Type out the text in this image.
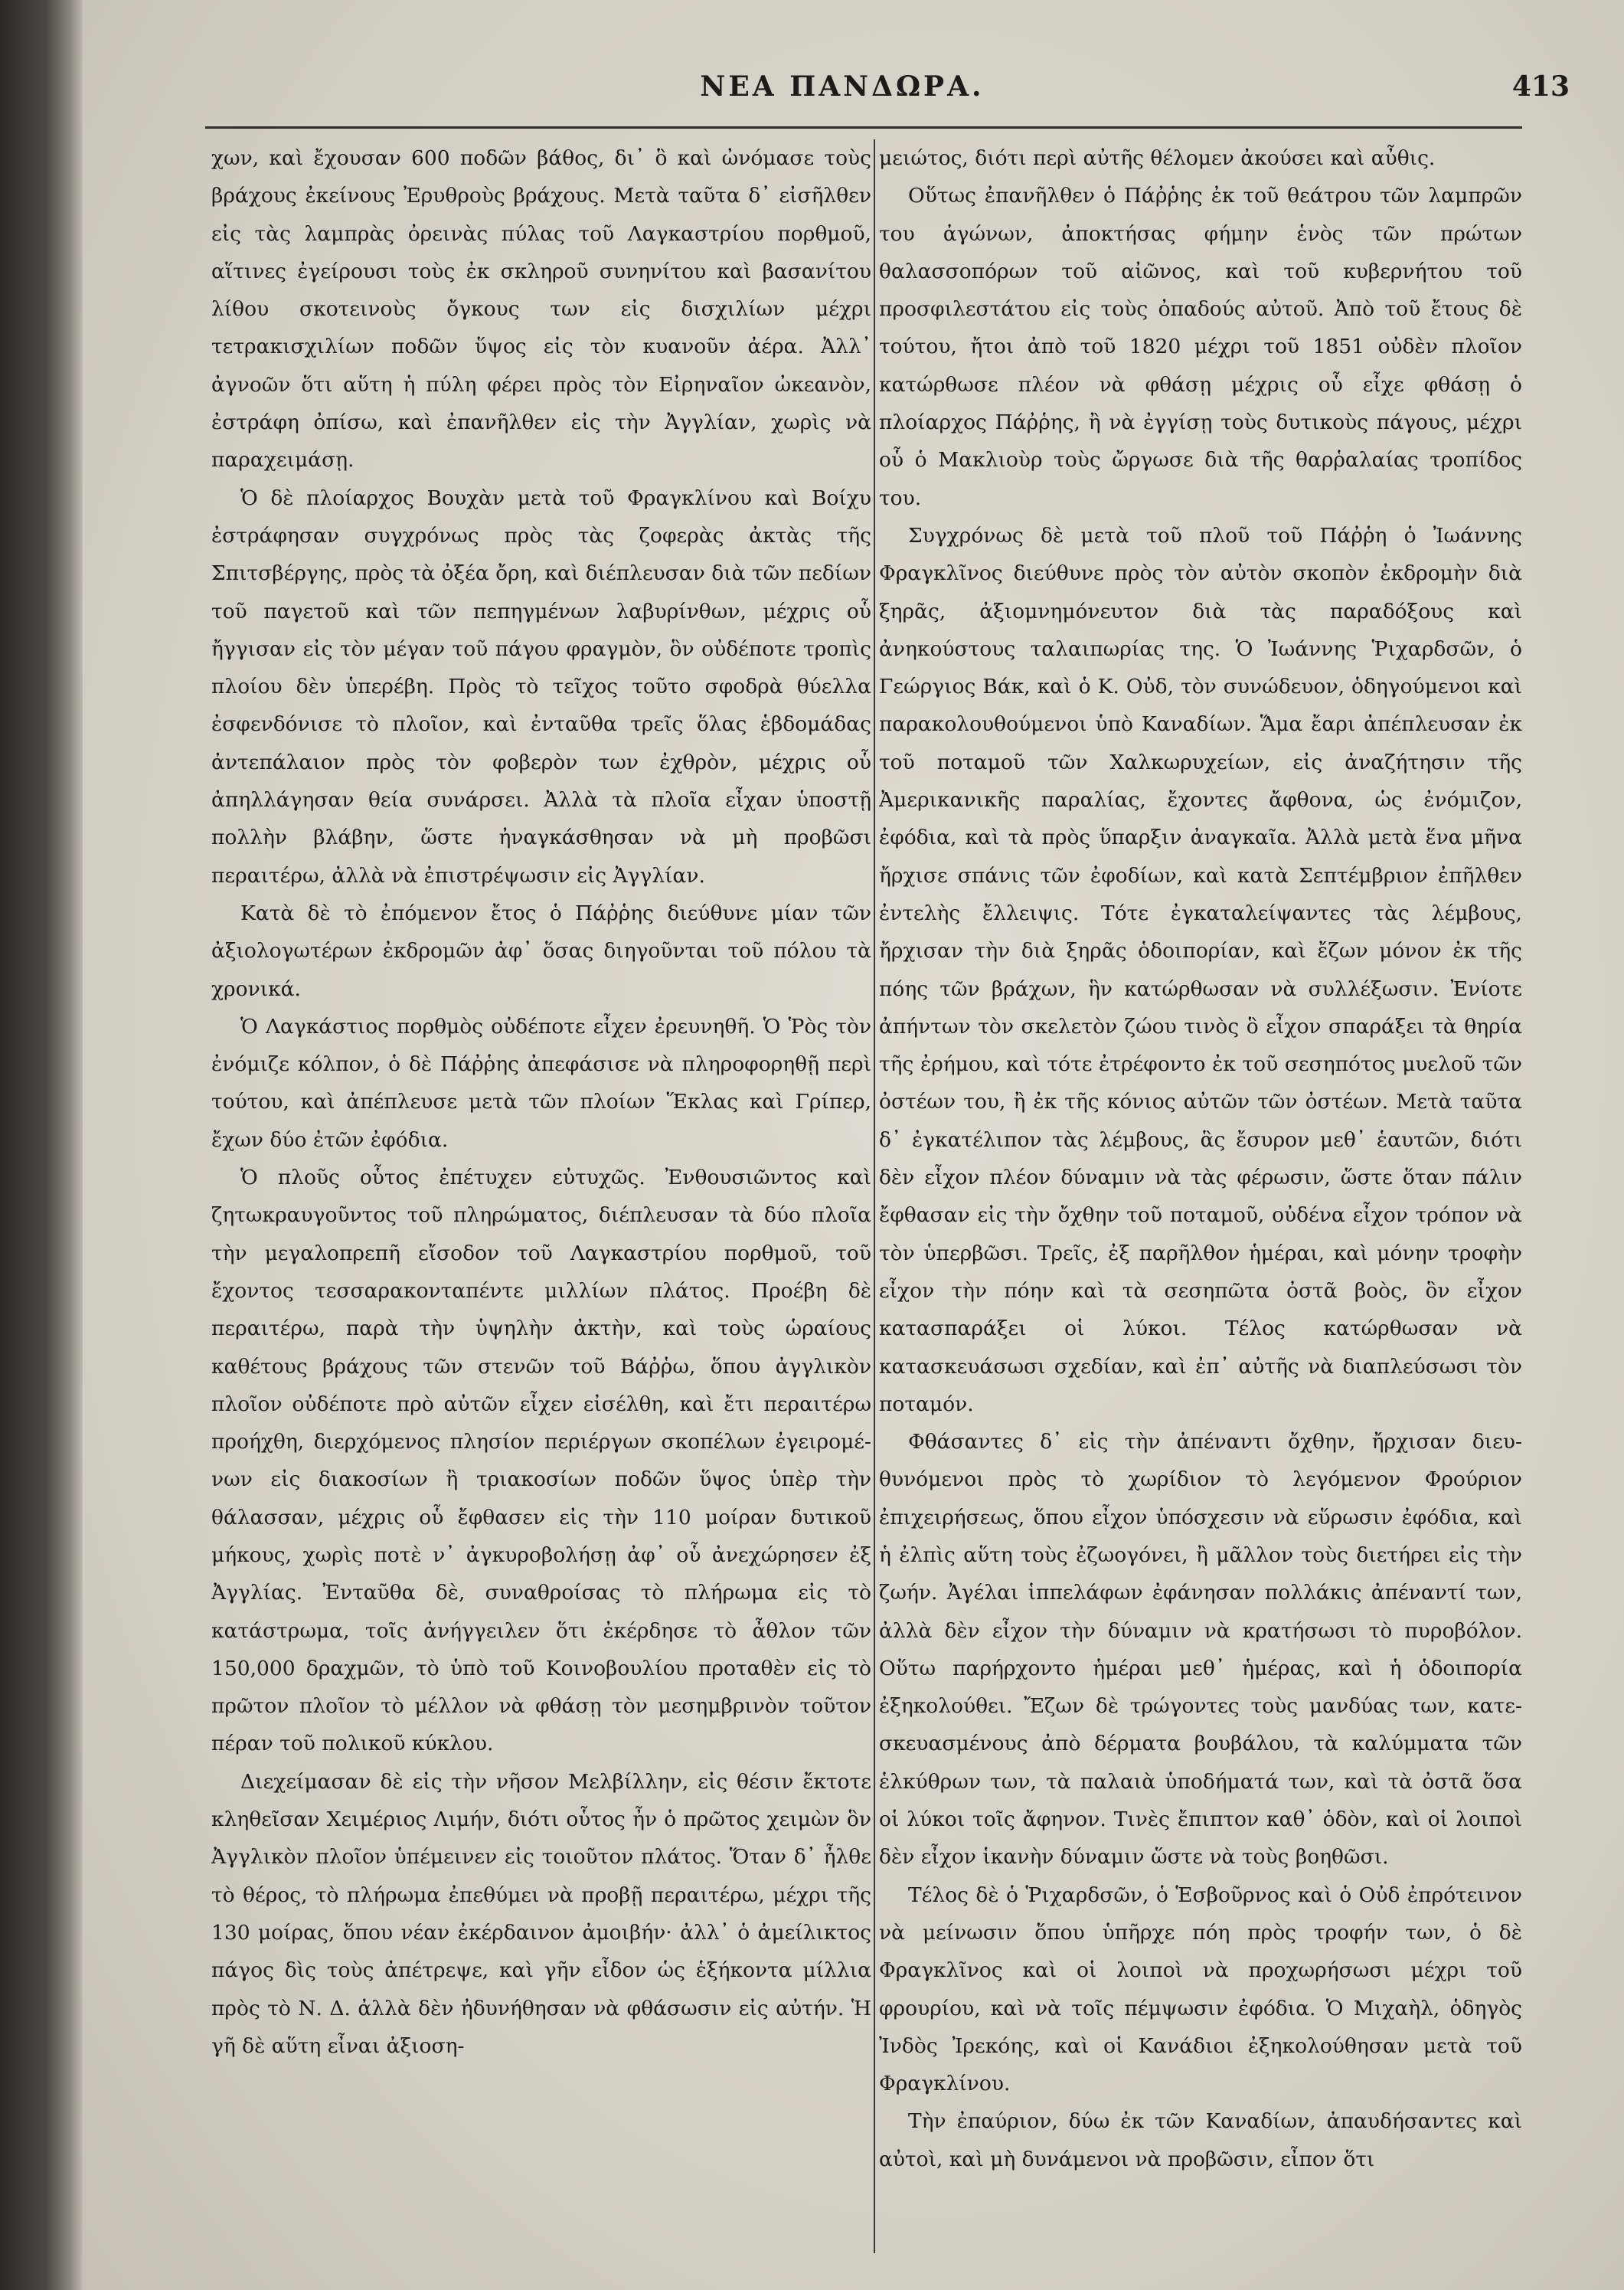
ΝΕΑ ΠΑΝΔΩΡΑ.	413

χων, καὶ ἔχουσαν 600 ποδῶν βάθος, δι᾽ ὃ καὶ ὠνόμασε τοὺς βράχους ἐκείνους Ἐρυθροὺς βράχους. Μετὰ ταῦτα δ᾽ εἰσῆλθεν εἰς τὰς λαμπρὰς ὀρεινὰς πύλας τοῦ Λαγκαστρίου πορθμοῦ, αἵτινες ἐγείρουσι τοὺς ἐκ σκληροῦ συνηνίτου καὶ βασανίτου λίθου σκοτεινοὺς ὄγκους των εἰς δισχιλίων μέχρι τετρακισχιλίων ποδῶν ὕψος εἰς τὸν κυανοῦν ἀέρα. Ἀλλ᾽ ἀγνοῶν ὅτι αὕτη ἡ πύλη φέρει πρὸς τὸν Εἰρηναῖον ὠκεανὸν, ἐστράφη ὀπίσω, καὶ ἐπανῆλθεν εἰς τὴν Ἀγγλίαν, χωρὶς νὰ παραχειμάσῃ.

Ὁ δὲ πλοίαρχος Βουχὰν μετὰ τοῦ Φραγκλίνου καὶ Βοίχυ ἐστράφησαν συγχρόνως πρὸς τὰς ζοφερὰς ἀκτὰς τῆς Σπιτσβέργης, πρὸς τὰ ὀξέα ὄρη, καὶ διέπλευσαν διὰ τῶν πεδίων τοῦ παγετοῦ καὶ τῶν πεπηγμένων λαβυρίνθων, μέχρις οὗ ἤγγισαν εἰς τὸν μέγαν τοῦ πάγου φραγμὸν, ὃν οὐδέποτε τροπὶς πλοίου δὲν ὑπερέβη. Πρὸς τὸ τεῖχος τοῦτο σφοδρὰ θύελλα ἐσφενδόνισε τὸ πλοῖον, καὶ ἐνταῦθα τρεῖς ὅλας ἑβδομάδας ἀντεπάλαιον πρὸς τὸν φοβερὸν των ἐχθρὸν, μέχρις οὗ ἀπηλλάγησαν θεία συνάρσει. Ἀλλὰ τὰ πλοῖα εἶχαν ὑποστῇ πολλὴν βλάβην, ὥστε ἠναγκάσθησαν νὰ μὴ προβῶσι περαιτέρω, ἀλλὰ νὰ ἐπιστρέψωσιν εἰς Ἀγγλίαν.

Κατὰ δὲ τὸ ἐπόμενον ἔτος ὁ Πάῤῥης διεύθυνε μίαν τῶν ἀξιολογωτέρων ἐκδρομῶν ἀφ᾽ ὅσας διηγοῦνται τοῦ πόλου τὰ χρονικά.

Ὁ Λαγκάστιος πορθμὸς οὐδέποτε εἶχεν ἐρευνηθῆ. Ὁ Ῥὸς τὸν ἐνόμιζε κόλπον, ὁ δὲ Πάῤῥης ἀπεφάσισε νὰ πληροφορηθῇ περὶ τούτου, καὶ ἀπέπλευσε μετὰ τῶν πλοίων Ἕκλας καὶ Γρίπερ, ἔχων δύο ἐτῶν ἐφόδια.

Ὁ πλοῦς οὗτος ἐπέτυχεν εὐτυχῶς. Ἐνθουσιῶντος καὶ ζητωκραυγοῦντος τοῦ πληρώματος, διέπλευσαν τὰ δύο πλοῖα τὴν μεγαλοπρεπῆ εἴσοδον τοῦ Λαγκαστρίου πορθμοῦ, τοῦ ἔχοντος τεσσαρακονταπέντε μιλλίων πλάτος. Προέβη δὲ περαιτέρω, παρὰ τὴν ὑψηλὴν ἀκτὴν, καὶ τοὺς ὡραίους καθέτους βράχους τῶν στενῶν τοῦ Βάῤῥω, ὅπου ἀγγλικὸν πλοῖον οὐδέποτε πρὸ αὐτῶν εἶχεν εἰσέλθη, καὶ ἔτι περαιτέρω προήχθη, διερχόμενος πλησίον περιέργων σκοπέλων ἐγειρομένων εἰς διακοσίων ἢ τριακοσίων ποδῶν ὕψος ὑπὲρ τὴν θάλασσαν, μέχρις οὗ ἔφθασεν εἰς τὴν 110 μοίραν δυτικοῦ μήκους, χωρὶς ποτὲ ν᾽ ἀγκυροβολήσῃ ἀφ᾽ οὗ ἀνεχώρησεν ἐξ Ἀγγλίας. Ἐνταῦθα δὲ, συναθροίσας τὸ πλήρωμα εἰς τὸ κατάστρωμα, τοῖς ἀνήγγειλεν ὅτι ἐκέρδησε τὸ ἆθλον τῶν 150,000 δραχμῶν, τὸ ὑπὸ τοῦ Κοινοβουλίου προταθὲν εἰς τὸ πρῶτον πλοῖον τὸ μέλλον νὰ φθάσῃ τὸν μεσημβρινὸν τοῦτον πέραν τοῦ πολικοῦ κύκλου.

Διεχείμασαν δὲ εἰς τὴν νῆσον Μελβίλλην, εἰς θέσιν ἔκτοτε κληθεῖσαν Χειμέριος Λιμήν, διότι οὗτος ἦν ὁ πρῶτος χειμὼν ὃν Ἀγγλικὸν πλοῖον ὑπέμεινεν εἰς τοιοῦτον πλάτος. Ὅταν δ᾽ ἦλθε τὸ θέρος, τὸ πλήρωμα ἐπεθύμει νὰ προβῇ περαιτέρω, μέχρι τῆς 130 μοίρας, ὅπου νέαν ἐκέρδαινον ἀμοιβήν· ἀλλ᾽ ὁ ἀμείλικτος πάγος δὶς τοὺς ἀπέτρεψε, καὶ γῆν εἶδον ὡς ἑξήκοντα μίλλια πρὸς τὸ Ν. Δ. ἀλλὰ δὲν ἠδυνήθησαν νὰ φθάσωσιν εἰς αὐτήν. Ἡ γῆ δὲ αὕτη εἶναι ἀξιοση-

μειώτος, διότι περὶ αὐτῆς θέλομεν ἀκούσει καὶ αὖθις.

Οὕτως ἐπανῆλθεν ὁ Πάῤῥης ἐκ τοῦ θεάτρου τῶν λαμπρῶν του ἀγώνων, ἀποκτήσας φήμην ἑνὸς τῶν πρώτων θαλασσοπόρων τοῦ αἰῶνος, καὶ τοῦ κυβερνήτου τοῦ προσφιλεστάτου εἰς τοὺς ὀπαδούς αὐτοῦ. Ἀπὸ τοῦ ἔτους δὲ τούτου, ἤτοι ἀπὸ τοῦ 1820 μέχρι τοῦ 1851 οὐδὲν πλοῖον κατώρθωσε πλέον νὰ φθάσῃ μέχρις οὗ εἶχε φθάσῃ ὁ πλοίαρχος Πάῤῥης, ἢ νὰ ἐγγίσῃ τοὺς δυτικοὺς πάγους, μέχρι οὗ ὁ Μακλιοὺρ τοὺς ὤργωσε διὰ τῆς θαρῥαλαίας τροπίδος του.

Συγχρόνως δὲ μετὰ τοῦ πλοῦ τοῦ Πάῤῥη ὁ Ἰωάννης Φραγκλῖνος διεύθυνε πρὸς τὸν αὐτὸν σκοπὸν ἐκδρομὴν διὰ ξηρᾶς, ἀξιομνημόνευτον διὰ τὰς παραδόξους καὶ ἀνηκούστους ταλαιπωρίας της. Ὁ Ἰωάννης Ῥιχαρδσῶν, ὁ Γεώργιος Βάκ, καὶ ὁ Κ. Οὐδ, τὸν συνώδευον, ὁδηγούμενοι καὶ παρακολουθούμενοι ὑπὸ Καναδίων. Ἅμα ἔαρι ἀπέπλευσαν ἐκ τοῦ ποταμοῦ τῶν Χαλκωρυχείων, εἰς ἀναζήτησιν τῆς Ἀμερικανικῆς παραλίας, ἔχοντες ἄφθονα, ὡς ἐνόμιζον, ἐφόδια, καὶ τὰ πρὸς ὕπαρξιν ἀναγκαῖα. Ἀλλὰ μετὰ ἕνα μῆνα ἤρχισε σπάνις τῶν ἐφοδίων, καὶ κατὰ Σεπτέμβριον ἐπῆλθεν ἐντελὴς ἔλλειψις. Τότε ἐγκαταλείψαντες τὰς λέμβους, ἤρχισαν τὴν διὰ ξηρᾶς ὁδοιπορίαν, καὶ ἔζων μόνον ἐκ τῆς πόης τῶν βράχων, ἣν κατώρθωσαν νὰ συλλέξωσιν. Ἐνίοτε ἀπήντων τὸν σκελετὸν ζώου τινὸς ὃ εἶχον σπαράξει τὰ θηρία τῆς ἐρήμου, καὶ τότε ἐτρέφοντο ἐκ τοῦ σεσηπότος μυελοῦ τῶν ὀστέων του, ἢ ἐκ τῆς κόνιος αὐτῶν τῶν ὀστέων. Μετὰ ταῦτα δ᾽ ἐγκατέλιπον τὰς λέμβους, ἃς ἔσυρον μεθ᾽ ἑαυτῶν, διότι δὲν εἶχον πλέον δύναμιν νὰ τὰς φέρωσιν, ὥστε ὅταν πάλιν ἔφθασαν εἰς τὴν ὄχθην τοῦ ποταμοῦ, οὐδένα εἶχον τρόπον νὰ τὸν ὑπερβῶσι. Τρεῖς, ἐξ παρῆλθον ἡμέραι, καὶ μόνην τροφὴν εἶχον τὴν πόην καὶ τὰ σεσηπῶτα ὀστᾶ βοὸς, ὃν εἶχον κατασπαράξει οἱ λύκοι. Τέλος κατώρθωσαν νὰ κατασκευάσωσι σχεδίαν, καὶ ἐπ᾽ αὐτῆς νὰ διαπλεύσωσι τὸν ποταμόν.

Φθάσαντες δ᾽ εἰς τὴν ἀπέναντι ὄχθην, ἤρχισαν διευθυνόμενοι πρὸς τὸ χωρίδιον τὸ λεγόμενον Φρούριον ἐπιχειρήσεως, ὅπου εἶχον ὑπόσχεσιν νὰ εὕρωσιν ἐφόδια, καὶ ἡ ἐλπὶς αὕτη τοὺς ἐζωογόνει, ἢ μᾶλλον τοὺς διετήρει εἰς τὴν ζωήν. Ἀγέλαι ἱππελάφων ἐφάνησαν πολλάκις ἀπέναντί των, ἀλλὰ δὲν εἶχον τὴν δύναμιν νὰ κρατήσωσι τὸ πυροβόλον. Οὕτω παρήρχοντο ἡμέραι μεθ᾽ ἡμέρας, καὶ ἡ ὁδοιπορία ἐξηκολούθει. Ἔζων δὲ τρώγοντες τοὺς μανδύας των, κατεσκευασμένους ἀπὸ δέρματα βουβάλου, τὰ καλύμματα τῶν ἑλκύθρων των, τὰ παλαιὰ ὑποδήματά των, καὶ τὰ ὀστᾶ ὅσα οἱ λύκοι τοῖς ἄφηνον. Τινὲς ἔπιπτον καθ᾽ ὁδὸν, καὶ οἱ λοιποὶ δὲν εἶχον ἱκανὴν δύναμιν ὥστε νὰ τοὺς βοηθῶσι.

Τέλος δὲ ὁ Ῥιχαρδσῶν, ὁ Ἑσβοῦρνος καὶ ὁ Οὐδ ἐπρότεινον νὰ μείνωσιν ὅπου ὑπῆρχε πόη πρὸς τροφήν των, ὁ δὲ Φραγκλῖνος καὶ οἱ λοιποὶ νὰ προχωρήσωσι μέχρι τοῦ φρουρίου, καὶ νὰ τοῖς πέμψωσιν ἐφόδια. Ὁ Μιχαὴλ, ὁδηγὸς Ἰνδὸς Ἰρεκόης, καὶ οἱ Κανάδιοι ἐξηκολούθησαν μετὰ τοῦ Φραγκλίνου.

Τὴν ἐπαύριον, δύω ἐκ τῶν Καναδίων, ἀπαυδήσαντες καὶ αὐτοὶ, καὶ μὴ δυνάμενοι νὰ προβῶσιν, εἶπον ὅτι
